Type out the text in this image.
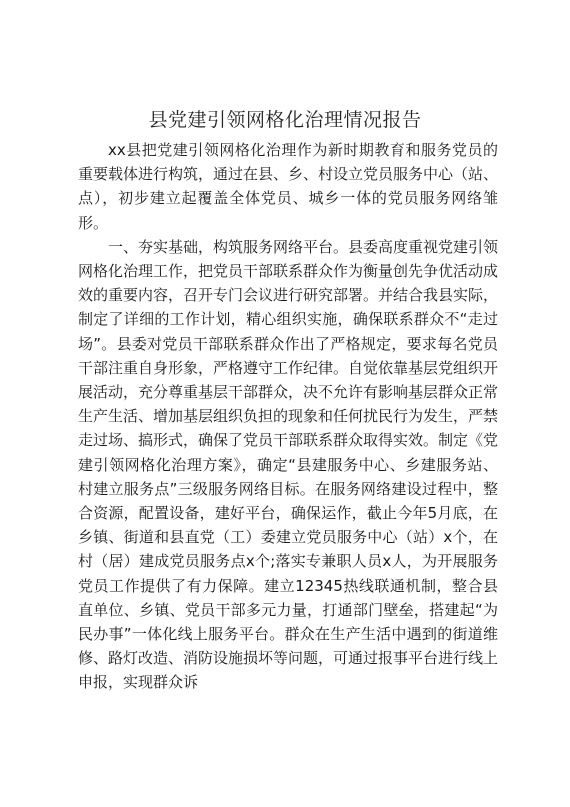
县党建引领网格化治理情况报告

xx县把党建引领网格化治理作为新时期教育和服务党员的重要载体进行构筑，通过在县、乡、村设立党员服务中心（站、点），初步建立起覆盖全体党员、城乡一体的党员服务网络雏形。

一、夯实基础，构筑服务网络平台。县委高度重视党建引领网格化治理工作，把党员干部联系群众作为衡量创先争优活动成效的重要内容，召开专门会议进行研究部署。并结合我县实际，制定了详细的工作计划，精心组织实施，确保联系群众不“走过场”。县委对党员干部联系群众作出了严格规定，要求每名党员干部注重自身形象，严格遵守工作纪律。自觉依靠基层党组织开展活动，充分尊重基层干部群众，决不允许有影响基层群众正常生产生活、增加基层组织负担的现象和任何扰民行为发生，严禁走过场、搞形式，确保了党员干部联系群众取得实效。制定《党建引领网格化治理方案》，确定“县建服务中心、乡建服务站、村建立服务点”三级服务网络目标。在服务网络建设过程中，整合资源，配置设备，建好平台，确保运作，截止今年5月底，在乡镇、街道和县直党（工）委建立党员服务中心（站）x个，在村（居）建成党员服务点x个;落实专兼职人员x人，为开展服务党员工作提供了有力保障。建立12345热线联通机制，整合县直单位、乡镇、党员干部多元力量，打通部门壁垒，搭建起“为民办事”一体化线上服务平台。群众在生产生活中遇到的街道维修、路灯改造、消防设施损坏等问题，可通过报事平台进行线上申报，实现群众诉
